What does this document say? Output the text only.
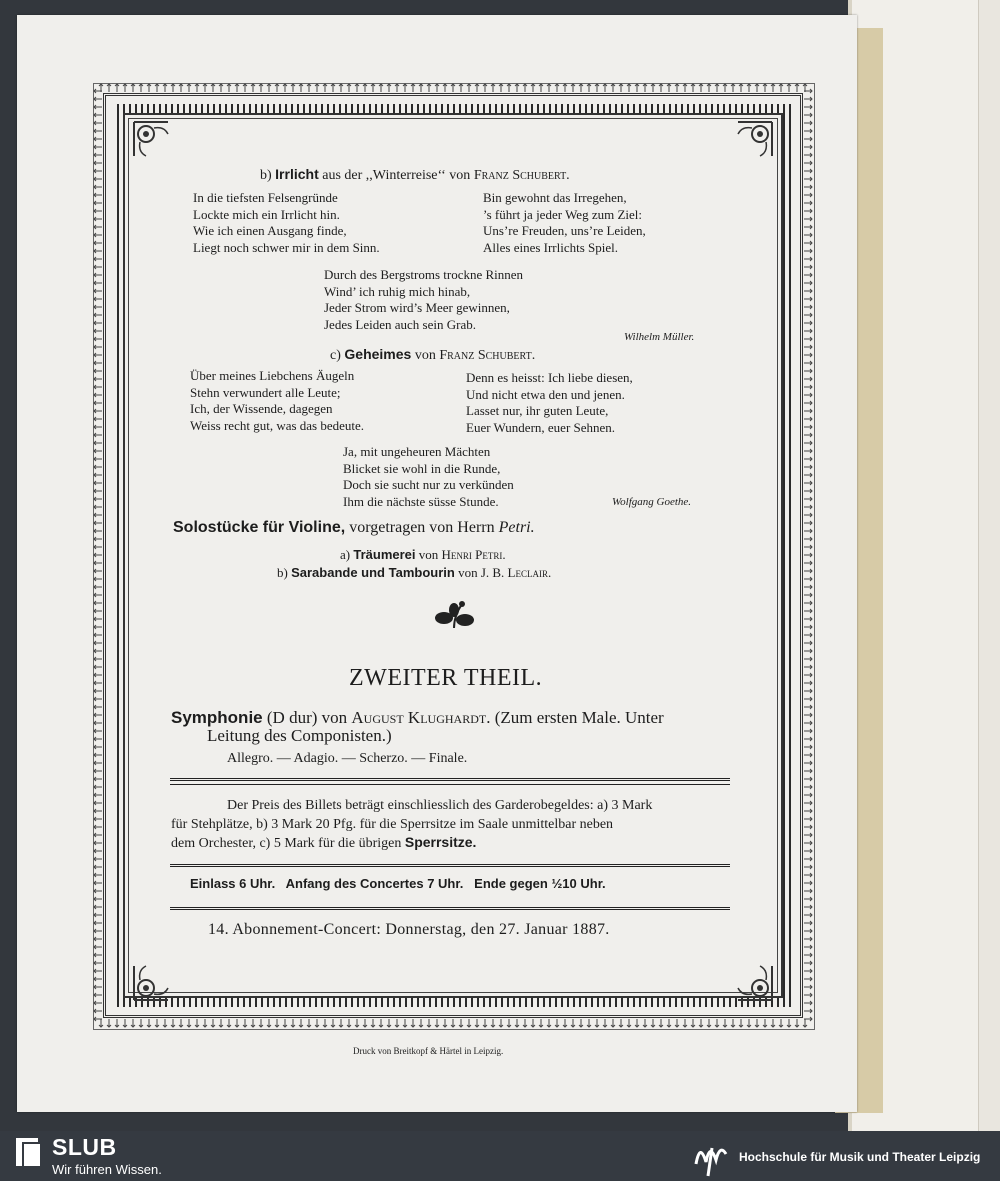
b) Irrlicht aus der ,,Winterreise‘‘ von Franz Schubert.
In die tiefsten Felsengründe
Lockte mich ein Irrlicht hin.
Wie ich einen Ausgang finde,
Liegt noch schwer mir in dem Sinn.
Bin gewohnt das Irregehen,
’s führt ja jeder Weg zum Ziel:
Uns’re Freuden, uns’re Leiden,
Alles eines Irrlichts Spiel.
Durch des Bergstroms trockne Rinnen
Wind’ ich ruhig mich hinab,
Jeder Strom wird’s Meer gewinnen,
Jedes Leiden auch sein Grab.
Wilhelm Müller.
c) Geheimes von Franz Schubert.
Über meines Liebchens Äugeln
Stehn verwundert alle Leute;
Ich, der Wissende, dagegen
Weiss recht gut, was das bedeute.
Denn es heisst: Ich liebe diesen,
Und nicht etwa den und jenen.
Lasset nur, ihr guten Leute,
Euer Wundern, euer Sehnen.
Ja, mit ungeheuren Mächten
Blicket sie wohl in die Runde,
Doch sie sucht nur zu verkünden
Ihm die nächste süsse Stunde.	Wolfgang Goethe.
Solostücke für Violine, vorgetragen von Herrn Petri.
a) Träumerei von Henri Petri.
b) Sarabande und Tambourin von J. B. Leclair.
ZWEITER THEIL.
Symphonie (D dur) von August Klughardt. (Zum ersten Male. Unter
Leitung des Componisten.)
Allegro. — Adagio. — Scherzo. — Finale.
Der Preis des Billets beträgt einschliesslich des Garderobegeldes: a) 3 Mark
für Stehplätze, b) 3 Mark 20 Pfg. für die Sperrsitze im Saale unmittelbar neben
dem Orchester, c) 5 Mark für die übrigen Sperrsitze.
Einlass 6 Uhr.   Anfang des Concertes 7 Uhr.   Ende gegen ½10 Uhr.
14. Abonnement-Concert: Donnerstag, den 27. Januar 1887.
Druck von Breitkopf & Härtel in Leipzig.
SLUB
Wir führen Wissen.
Hochschule für Musik und Theater Leipzig
